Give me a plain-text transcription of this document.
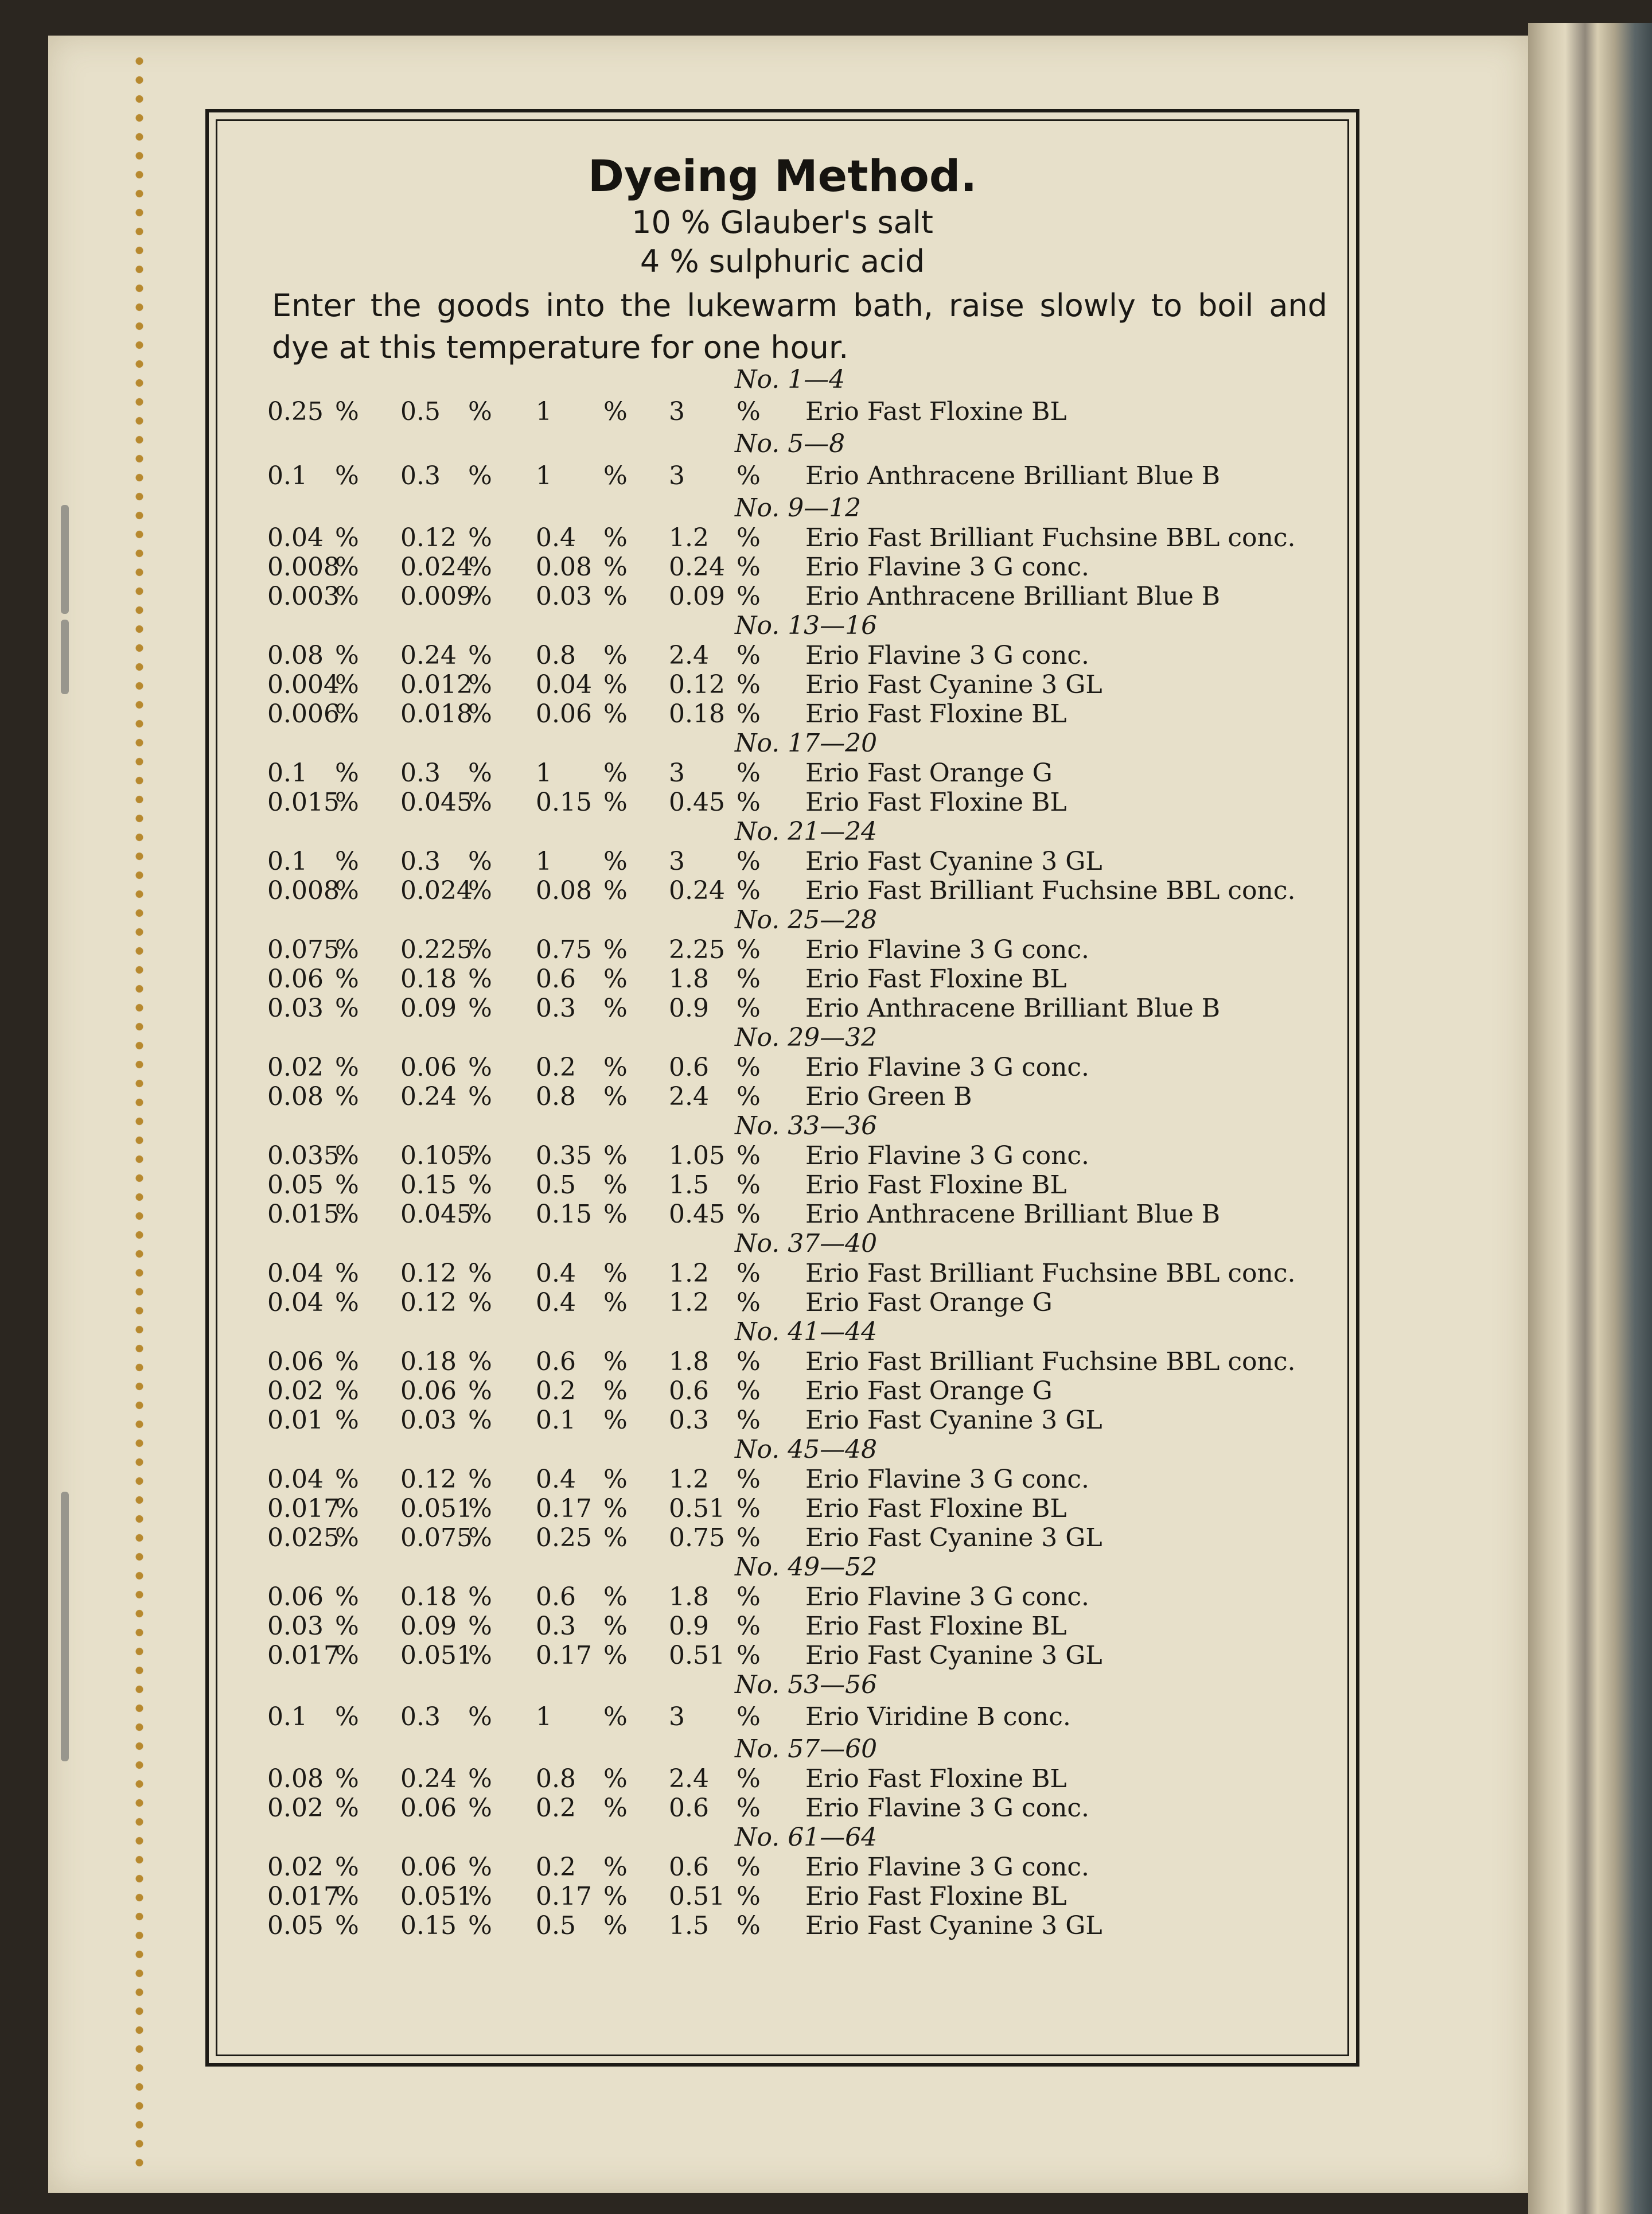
Dyeing Method.
10 % Glauber's salt
4 % sulphuric acid
Enter the goods into the lukewarm bath, raise slowly to boil and dye at this temperature for one hour.
No. 1—4
0.25 % 0.5 % 1 % 3 % Erio Fast Floxine BL
No. 5—8
0.1 % 0.3 % 1 % 3 % Erio Anthracene Brilliant Blue B
No. 9—12
0.04 % 0.12 % 0.4 % 1.2 % Erio Fast Brilliant Fuchsine BBL conc.
0.008
% 0.024
% 0.08 % 0.24 % Erio Flavine 3 G conc.
0.003
% 0.009
% 0.03 % 0.09 % Erio Anthracene Brilliant Blue B
No. 13—16
0.08 % 0.24 % 0.8 % 2.4 % Erio Flavine 3 G conc.
0.004
% 0.012
% 0.04 % 0.12 % Erio Fast Cyanine 3 GL
0.006
% 0.018
% 0.06 % 0.18 % Erio Fast Floxine BL
No. 17—20
0.1 % 0.3 % 1 % 3 % Erio Fast Orange G
0.015
% 0.045
% 0.15 % 0.45 % Erio Fast Floxine BL
No. 21—24
0.1 % 0.3 % 1 % 3 % Erio Fast Cyanine 3 GL
0.008
% 0.024
% 0.08 % 0.24 % Erio Fast Brilliant Fuchsine BBL conc.
No. 25—28
0.075
% 0.225
% 0.75 % 2.25 % Erio Flavine 3 G conc.
0.06 % 0.18 % 0.6 % 1.8 % Erio Fast Floxine BL
0.03 % 0.09 % 0.3 % 0.9 % Erio Anthracene Brilliant Blue B
No. 29—32
0.02 % 0.06 % 0.2 % 0.6 % Erio Flavine 3 G conc.
0.08 % 0.24 % 0.8 % 2.4 % Erio Green B
No. 33—36
0.035
% 0.105
% 0.35 % 1.05 % Erio Flavine 3 G conc.
0.05 % 0.15 % 0.5 % 1.5 % Erio Fast Floxine BL
0.015
% 0.045
% 0.15 % 0.45 % Erio Anthracene Brilliant Blue B
No. 37—40
0.04 % 0.12 % 0.4 % 1.2 % Erio Fast Brilliant Fuchsine BBL conc.
0.04 % 0.12 % 0.4 % 1.2 % Erio Fast Orange G
No. 41—44
0.06 % 0.18 % 0.6 % 1.8 % Erio Fast Brilliant Fuchsine BBL conc.
0.02 % 0.06 % 0.2 % 0.6 % Erio Fast Orange G
0.01 % 0.03 % 0.1 % 0.3 % Erio Fast Cyanine 3 GL
No. 45—48
0.04 % 0.12 % 0.4 % 1.2 % Erio Flavine 3 G conc.
0.017
% 0.051
% 0.17 % 0.51 % Erio Fast Floxine BL
0.025
% 0.075
% 0.25 % 0.75 % Erio Fast Cyanine 3 GL
No. 49—52
0.06 % 0.18 % 0.6 % 1.8 % Erio Flavine 3 G conc.
0.03 % 0.09 % 0.3 % 0.9 % Erio Fast Floxine BL
0.017
% 0.051
% 0.17 % 0.51 % Erio Fast Cyanine 3 GL
No. 53—56
0.1 % 0.3 % 1 % 3 % Erio Viridine B conc.
No. 57—60
0.08 % 0.24 % 0.8 % 2.4 % Erio Fast Floxine BL
0.02 % 0.06 % 0.2 % 0.6 % Erio Flavine 3 G conc.
No. 61—64
0.02 % 0.06 % 0.2 % 0.6 % Erio Flavine 3 G conc.
0.017
% 0.051
% 0.17 % 0.51 % Erio Fast Floxine BL
0.05 % 0.15 % 0.5 % 1.5 % Erio Fast Cyanine 3 GL
